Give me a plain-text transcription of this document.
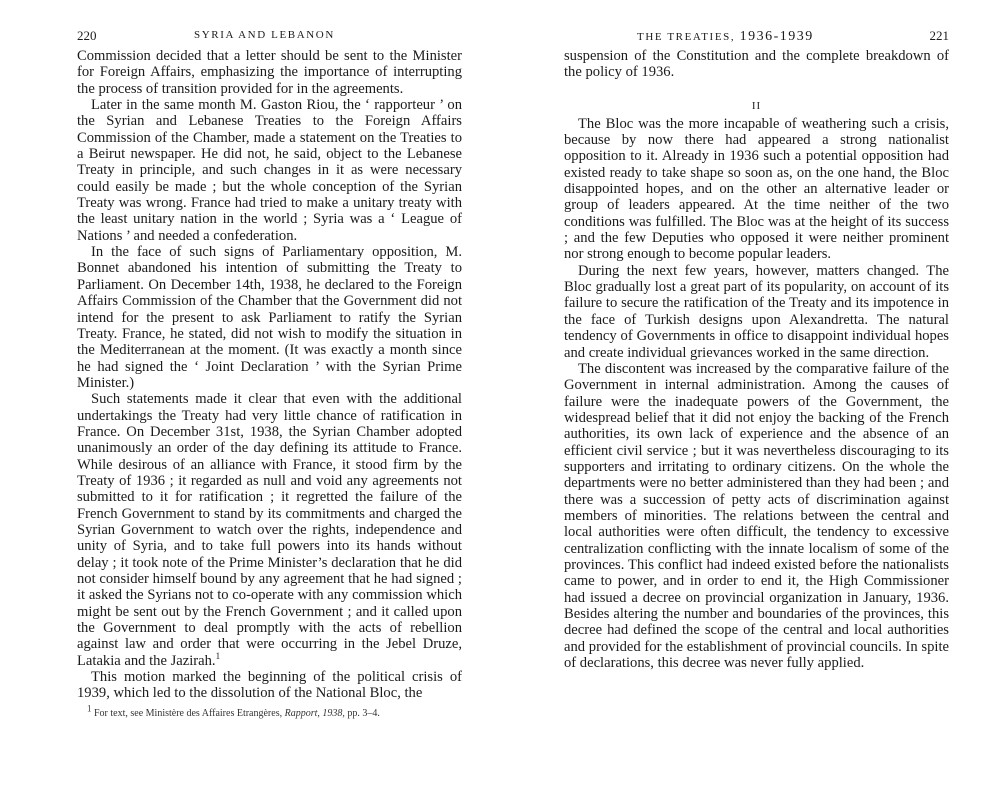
220	SYRIA AND LEBANON

Commission decided that a letter should be sent to the Minister for Foreign Affairs, emphasizing the importance of interrupting the process of transition provided for in the agreements.

Later in the same month M. Gaston Riou, the ‘ rapporteur ’ on the Syrian and Lebanese Treaties to the Foreign Affairs Commission of the Chamber, made a statement on the Treaties to a Beirut newspaper. He did not, he said, object to the Lebanese Treaty in principle, and such changes in it as were necessary could easily be made ; but the whole conception of the Syrian Treaty was wrong. France had tried to make a unitary treaty with the least unitary nation in the world ; Syria was a ‘ League of Nations ’ and needed a confederation.

In the face of such signs of Parliamentary opposition, M. Bonnet abandoned his intention of submitting the Treaty to Parliament. On December 14th, 1938, he declared to the Foreign Affairs Commission of the Chamber that the Government did not intend for the present to ask Parliament to ratify the Syrian Treaty. France, he stated, did not wish to modify the situation in the Mediterranean at the moment. (It was exactly a month since he had signed the ‘ Joint Declaration ’ with the Syrian Prime Minister.)

Such statements made it clear that even with the additional undertakings the Treaty had very little chance of ratification in France. On December 31st, 1938, the Syrian Chamber adopted unanimously an order of the day defining its attitude to France. While desirous of an alliance with France, it stood firm by the Treaty of 1936 ; it regarded as null and void any agreements not submitted to it for ratification ; it regretted the failure of the French Government to stand by its commitments and charged the Syrian Government to watch over the rights, independence and unity of Syria, and to take full powers into its hands without delay ; it took note of the Prime Minister’s declaration that he did not consider himself bound by any agreement that he had signed ; it asked the Syrians not to co-operate with any commission which might be sent out by the French Government ; and it called upon the Government to deal promptly with the acts of rebellion against law and order that were occurring in the Jebel Druze, Latakia and the Jazirah.$^1$

This motion marked the beginning of the political crisis of 1939, which led to the dissolution of the National Bloc, the

$^1$ For text, see Ministère des Affaires Etrangères, Rapport, 1938, pp. 3–4.
THE TREATIES, 1936-1939	221

suspension of the Constitution and the complete breakdown of the policy of 1936.

II

The Bloc was the more incapable of weathering such a crisis, because by now there had appeared a strong nationalist opposition to it. Already in 1936 such a potential opposition had existed ready to take shape so soon as, on the one hand, the Bloc disappointed hopes, and on the other an alternative leader or group of leaders appeared. At the time neither of the two conditions was fulfilled. The Bloc was at the height of its success ; and the few Deputies who opposed it were neither prominent nor strong enough to become popular leaders.

During the next few years, however, matters changed. The Bloc gradually lost a great part of its popularity, on account of its failure to secure the ratification of the Treaty and its impotence in the face of Turkish designs upon Alexandretta. The natural tendency of Governments in office to disappoint individual hopes and create individual grievances worked in the same direction.

The discontent was increased by the comparative failure of the Government in internal administration. Among the causes of failure were the inadequate powers of the Government, the widespread belief that it did not enjoy the backing of the French authorities, its own lack of experience and the absence of an efficient civil service ; but it was nevertheless discouraging to its supporters and irritating to ordinary citizens. On the whole the departments were no better administered than they had been ; and there was a succession of petty acts of discrimination against members of minorities. The relations between the central and local authorities were often difficult, the tendency to excessive centralization conflicting with the innate localism of some of the provinces. This conflict had indeed existed before the nationalists came to power, and in order to end it, the High Commissioner had issued a decree on provincial organization in January, 1936. Besides altering the number and boundaries of the provinces, this decree had defined the scope of the central and local authorities and provided for the establishment of provincial councils. In spite of declarations, this decree was never fully applied.
